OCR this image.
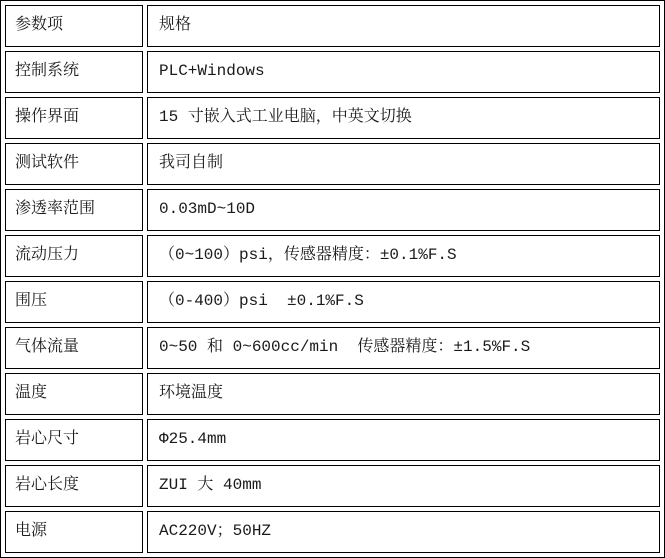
参数项	规格
控制系统	PLC+Windows
操作界面	15 寸嵌入式工业电脑，中英文切换
测试软件	我司自制
渗透率范围	0.03mD~10D
流动压力	（0~100）psi，传感器精度：±0.1%F.S
围压	（0-400）psi  ±0.1%F.S
气体流量	0~50 和 0~600cc/min  传感器精度：±1.5%F.S
温度	环境温度
岩心尺寸	Φ25.4mm
岩心长度	ZUI 大 40mm
电源	AC220V；50HZ
